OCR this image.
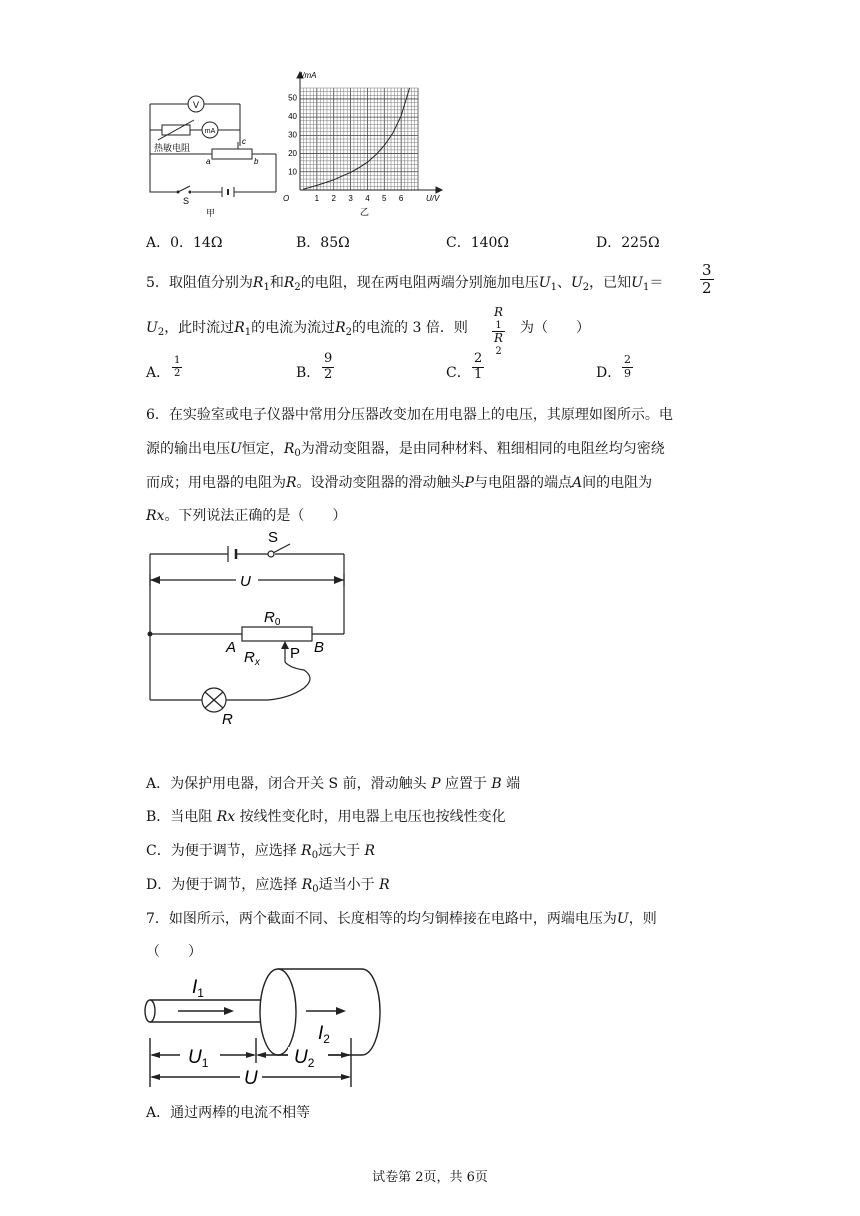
V
mA
热敏电阻
a	b
c
S
甲
1 2 3 4 5 6
10
20
30
40
50
I/mA
U/V
O
乙
A．0．14Ω	B．85Ω	C．140Ω	D．225Ω
5．取阻值分别为$R_1$和$R_2$的电阻，现在两电阻两端分别施加电压$U_1$、$U_2$，已知$U_1= \frac{3}{2}$
$U_2$，此时流过$R_1$的电流为流过$R_2$的电流的 3 倍．则 R
1
R
2 为（　　）
A． $\frac{1}{2}$	B． $\frac{9}{2}$	C． $\frac{2}{1}$	D． $\frac{2}{9}$
6．在实验室或电子仪器中常用分压器改变加在用电器上的电压，其原理如图所示。电
源的输出电压U恒定，$R_0$为滑动变阻器，是由同种材料、粗细相同的电阻丝均匀密绕
而成；用电器的电阻为R。设滑动变阻器的滑动触头P与电阻器的端点A间的电阻为
Rx。下列说法正确的是（　　）
S
U
$R_0$
A	B
$R_x$
P
R
A．为保护用电器，闭合开关 S 前，滑动触头 P 应置于 B 端
B．当电阻 Rx 按线性变化时，用电器上电压也按线性变化
C．为便于调节，应选择 $R_0$远大于 R
D．为便于调节，应选择 $R_0$适当小于 R
7．如图所示，两个截面不同、长度相等的均匀铜棒接在电路中，两端电压为U，则
（　　）
$I_1$
$I_2$
$U_1$	$U_2$
U
A．通过两棒的电流不相等
试卷第 2页，共 6页
